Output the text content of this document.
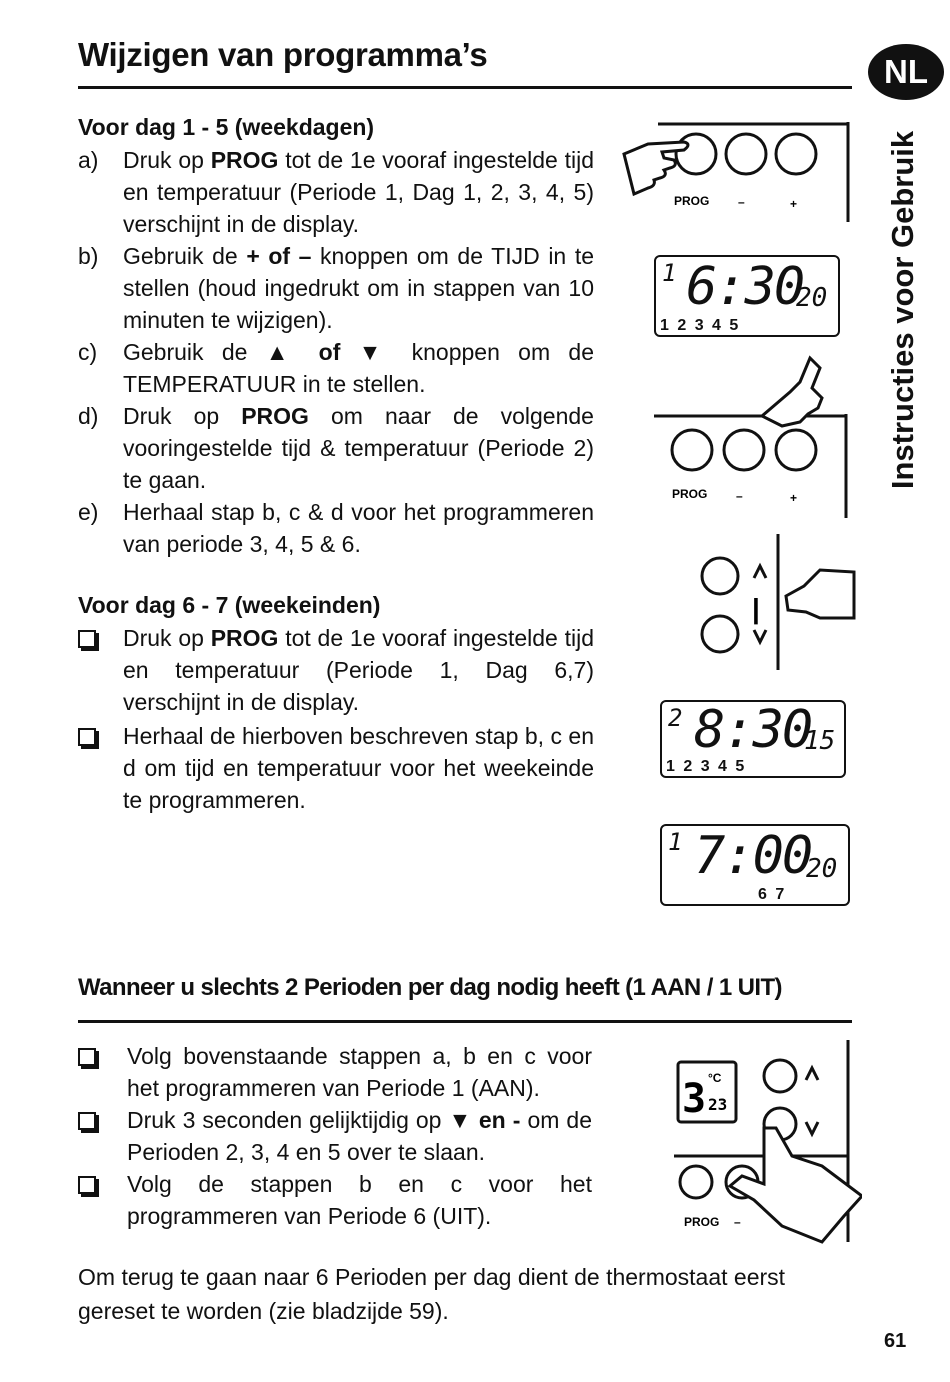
Wijzigen van programma’s	NL
Instructies voor Gebruik
Voor dag 1 - 5 (weekdagen)
a) Druk op PROG tot de 1e vooraf ingestelde tijd en temperatuur (Periode 1, Dag 1, 2, 3, 4, 5) verschijnt in de display.
b) Gebruik de + of – knoppen om de TIJD in te stellen (houd ingedrukt om in stappen van 10 minuten te wijzigen).
c) Gebruik de ▲ of ▼ knoppen om de TEMPERATUUR in te stellen.
d) Druk op PROG om naar de volgende vooringestelde tijd & temperatuur (Periode 2) te gaan.
e) Herhaal stap b, c & d voor het programmeren van periode 3, 4, 5 & 6.
Voor dag 6 - 7 (weekeinden)
Druk op PROG tot de 1e vooraf ingestelde tijd en temperatuur (Periode 1, Dag 6,7) verschijnt in de display.
Herhaal de hierboven beschreven stap b, c en d om tijd en temperatuur voor het weekeinde te programmeren.
Wanneer u slechts 2 Perioden per dag nodig heeft (1 AAN / 1 UIT)
Volg bovenstaande stappen a, b en c voor het programmeren van Periode 1 (AAN).
Druk 3 seconden gelijktijdig op ▼ en - om de Perioden 2, 3, 4 en 5 over te slaan.
Volg de stappen b en c voor het programmeren van Periode 6 (UIT).
Om terug te gaan naar 6 Perioden per dag dient de thermostaat eerst gereset te worden (zie bladzijde 59).
61
PROG –	+
1 6:30
20
1 2 3 4 5
PROG –	+
|
2 8:30
15
1 2 3 4 5
1 7:00
20
6 7
3 23
°C
PROG –
